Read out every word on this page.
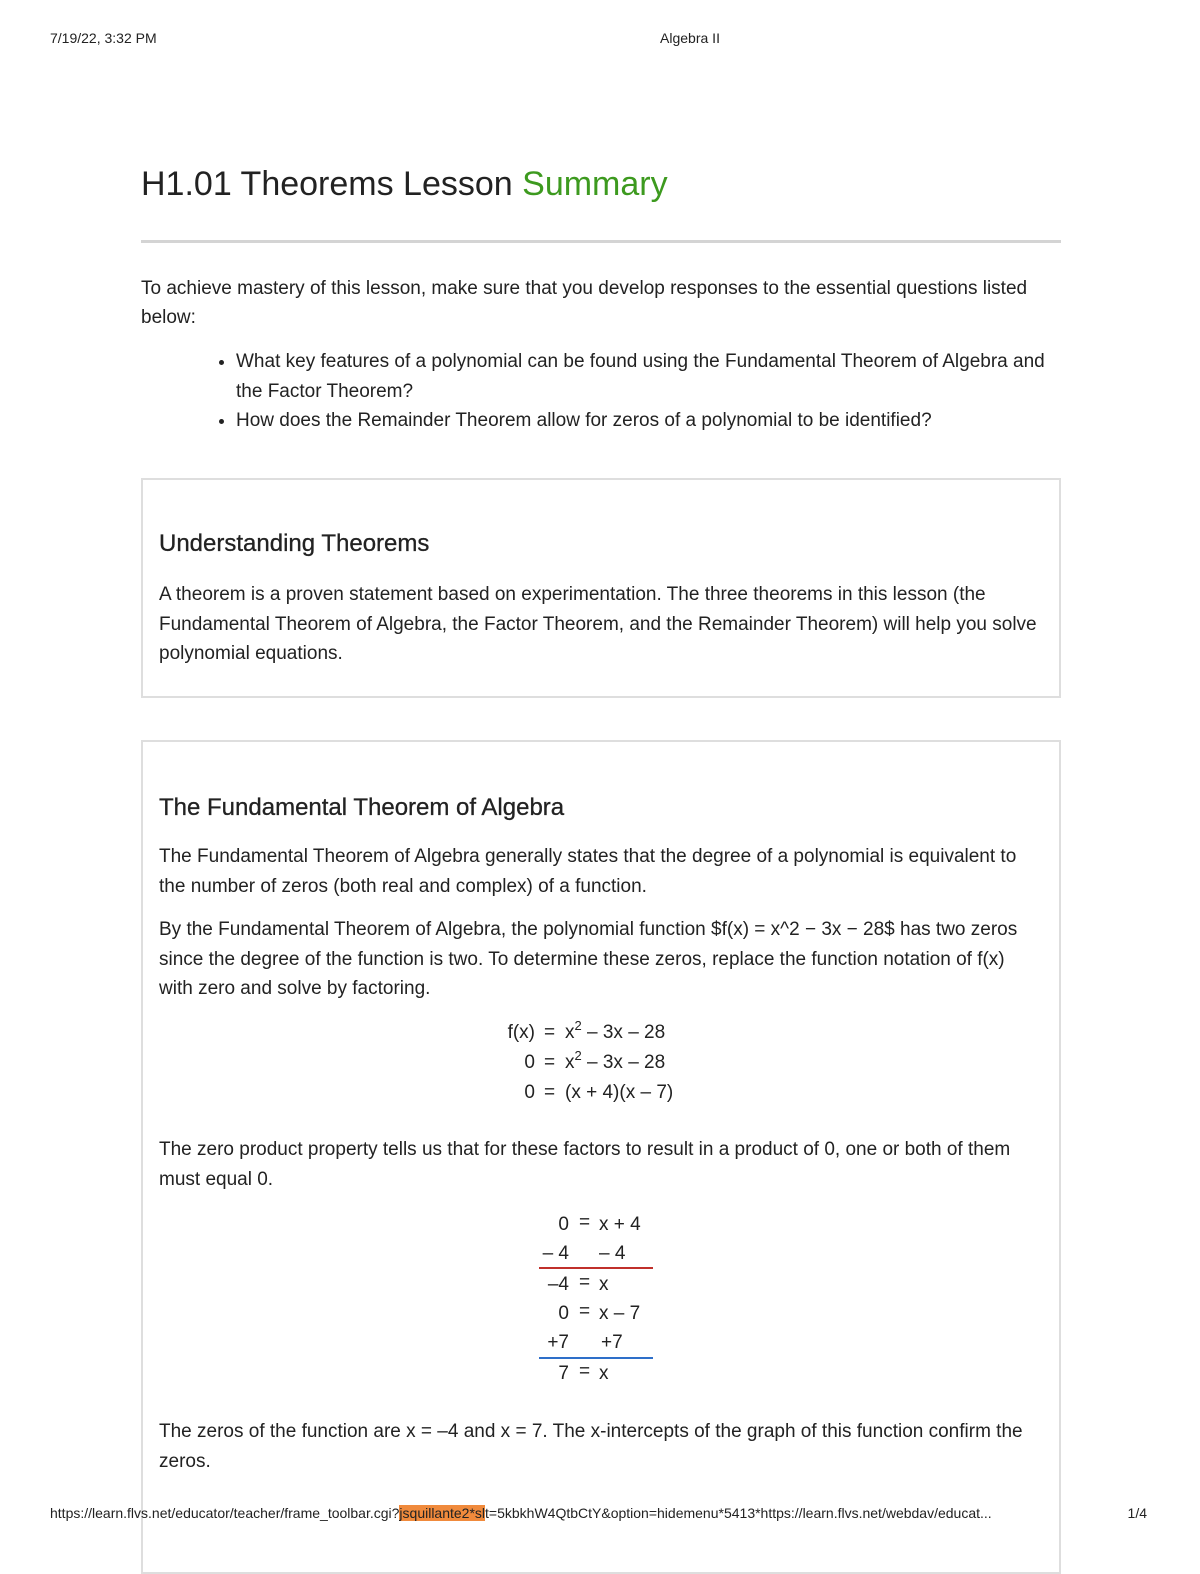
7/19/22, 3:32 PM	Algebra II
H1.01 Theorems Lesson Summary

To achieve mastery of this lesson, make sure that you develop responses to the essential questions listed below:

• What key features of a polynomial can be found using the Fundamental Theorem of Algebra and the Factor Theorem?
• How does the Remainder Theorem allow for zeros of a polynomial to be identified?
Understanding Theorems

A theorem is a proven statement based on experimentation. The three theorems in this lesson (the Fundamental Theorem of Algebra, the Factor Theorem, and the Remainder Theorem) will help you solve polynomial equations.

The Fundamental Theorem of Algebra

The Fundamental Theorem of Algebra generally states that the degree of a polynomial is equivalent to the number of zeros (both real and complex) of a function.

By the Fundamental Theorem of Algebra, the polynomial function $f(x) = x^2 − 3x − 28$ has two zeros since the degree of the function is two. To determine these zeros, replace the function notation of f(x) with zero and solve by factoring.

$f(x) = x^2 - 3x - 28$
$0 = x^2 - 3x - 28$
0 = (x + 4)(x – 7)

The zero product property tells us that for these factors to result in a product of 0, one or both of them must equal 0.

0 = x + 4
– 4 – 4
–4 = x
0 = x – 7
+7 +7
7 = x

The zeros of the function are x = –4 and x = 7. The x-intercepts of the graph of this function confirm the zeros.

https://learn.flvs.net/educator/teacher/frame_toolbar.cgi?jsquillante2*slt=5kbkhW4QtbCtY&option=hidemenu*5413*https://learn.flvs.net/webdav/educat...	1/4
